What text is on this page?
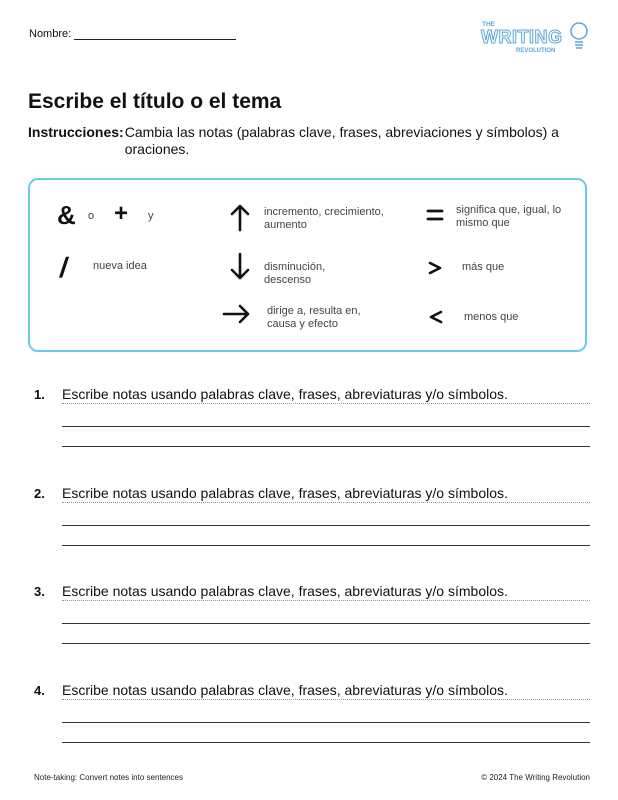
Nombre:
THE
WRITING
REVOLUTION
Escribe el título o el tema
Instrucciones: Cambia las notas (palabras clave, frases, abreviaciones y símbolos) a oraciones.
& o + y
/ nueva idea
incremento, crecimiento, aumento
disminución, descenso
dirige a, resulta en, causa y efecto
significa que, igual, lo mismo que
más que
menos que
1. Escribe notas usando palabras clave, frases, abreviaturas y/o símbolos.
2. Escribe notas usando palabras clave, frases, abreviaturas y/o símbolos.
3. Escribe notas usando palabras clave, frases, abreviaturas y/o símbolos.
4. Escribe notas usando palabras clave, frases, abreviaturas y/o símbolos.
Note-taking: Convert notes into sentences	© 2024 The Writing Revolution
